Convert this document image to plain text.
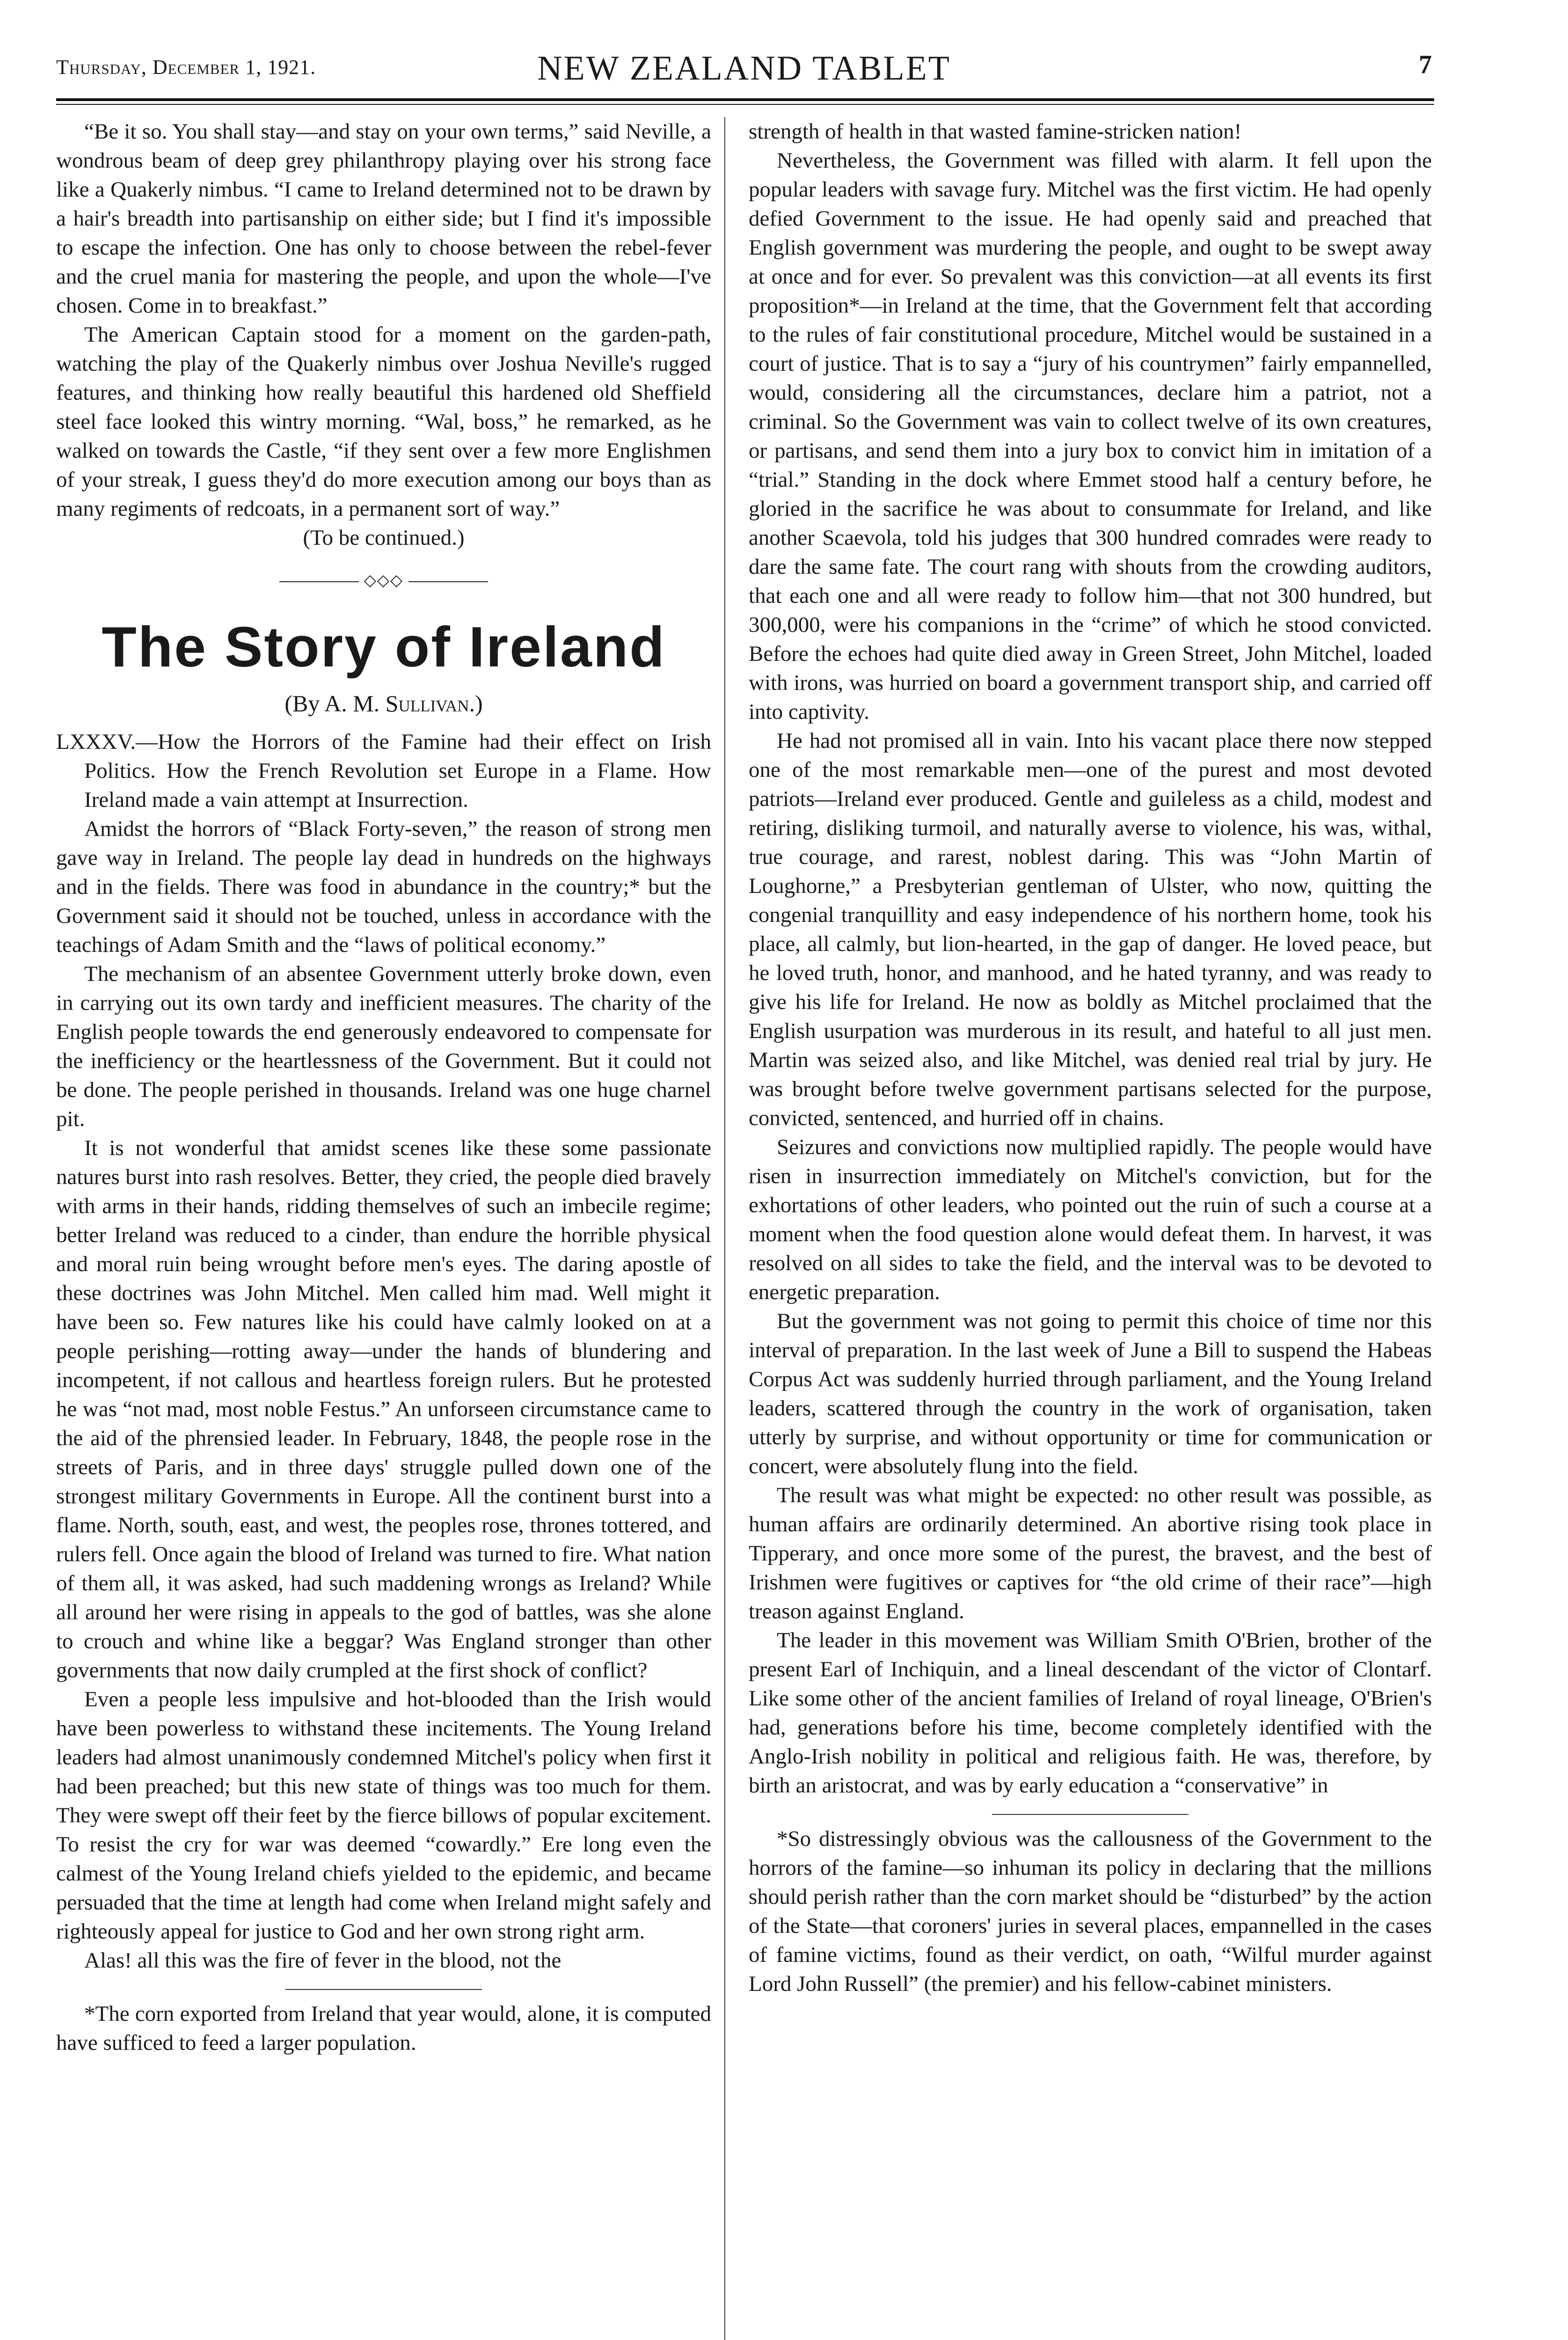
Thursday, December 1, 1921.	NEW ZEALAND TABLET	7

“Be it so. You shall stay—and stay on your own terms,” said Neville, a wondrous beam of deep grey philanthropy playing over his strong face like a Quakerly nimbus. “I came to Ireland determined not to be drawn by a hair's breadth into partisanship on either side; but I find it's impossible to escape the infection. One has only to choose between the rebel-fever and the cruel mania for mastering the people, and upon the whole—I've chosen. Come in to breakfast.”

The American Captain stood for a moment on the garden-path, watching the play of the Quakerly nimbus over Joshua Neville's rugged features, and thinking how really beautiful this hardened old Sheffield steel face looked this wintry morning. “Wal, boss,” he remarked, as he walked on towards the Castle, “if they sent over a few more Englishmen of your streak, I guess they'd do more execution among our boys than as many regiments of redcoats, in a permanent sort of way.”

(To be continued.)

◇◇◇
The Story of Ireland
(By A. M. Sullivan.)

LXXXV.—How the Horrors of the Famine had their effect on Irish Politics. How the French Revolution set Europe in a Flame. How Ireland made a vain attempt at Insurrection.

Amidst the horrors of “Black Forty-seven,” the reason of strong men gave way in Ireland. The people lay dead in hundreds on the highways and in the fields. There was food in abundance in the country;* but the Government said it should not be touched, unless in accordance with the teachings of Adam Smith and the “laws of political economy.”

The mechanism of an absentee Government utterly broke down, even in carrying out its own tardy and inefficient measures. The charity of the English people towards the end generously endeavored to compensate for the inefficiency or the heartlessness of the Government. But it could not be done. The people perished in thousands. Ireland was one huge charnel pit.

It is not wonderful that amidst scenes like these some passionate natures burst into rash resolves. Better, they cried, the people died bravely with arms in their hands, ridding themselves of such an imbecile regime; better Ireland was reduced to a cinder, than endure the horrible physical and moral ruin being wrought before men's eyes. The daring apostle of these doctrines was John Mitchel. Men called him mad. Well might it have been so. Few natures like his could have calmly looked on at a people perishing—rotting away—under the hands of blundering and incompetent, if not callous and heartless foreign rulers. But he protested he was “not mad, most noble Festus.” An unforseen circumstance came to the aid of the phrensied leader. In February, 1848, the people rose in the streets of Paris, and in three days' struggle pulled down one of the strongest military Governments in Europe. All the continent burst into a flame. North, south, east, and west, the peoples rose, thrones tottered, and rulers fell. Once again the blood of Ireland was turned to fire. What nation of them all, it was asked, had such maddening wrongs as Ireland? While all around her were rising in appeals to the god of battles, was she alone to crouch and whine like a beggar? Was England stronger than other governments that now daily crumpled at the first shock of conflict?

Even a people less impulsive and hot-blooded than the Irish would have been powerless to withstand these incitements. The Young Ireland leaders had almost unanimously condemned Mitchel's policy when first it had been preached; but this new state of things was too much for them. They were swept off their feet by the fierce billows of popular excitement. To resist the cry for war was deemed “cowardly.” Ere long even the calmest of the Young Ireland chiefs yielded to the epidemic, and became persuaded that the time at length had come when Ireland might safely and righteously appeal for justice to God and her own strong right arm.

Alas! all this was the fire of fever in the blood, not the

*The corn exported from Ireland that year would, alone, it is computed have sufficed to feed a larger population.

strength of health in that wasted famine-stricken nation!

Nevertheless, the Government was filled with alarm. It fell upon the popular leaders with savage fury. Mitchel was the first victim. He had openly defied Government to the issue. He had openly said and preached that English government was murdering the people, and ought to be swept away at once and for ever. So prevalent was this conviction—at all events its first proposition*—in Ireland at the time, that the Government felt that according to the rules of fair constitutional procedure, Mitchel would be sustained in a court of justice. That is to say a “jury of his countrymen” fairly empannelled, would, considering all the circumstances, declare him a patriot, not a criminal. So the Government was vain to collect twelve of its own creatures, or partisans, and send them into a jury box to convict him in imitation of a “trial.” Standing in the dock where Emmet stood half a century before, he gloried in the sacrifice he was about to consummate for Ireland, and like another Scaevola, told his judges that 300 hundred comrades were ready to dare the same fate. The court rang with shouts from the crowding auditors, that each one and all were ready to follow him—that not 300 hundred, but 300,000, were his companions in the “crime” of which he stood convicted. Before the echoes had quite died away in Green Street, John Mitchel, loaded with irons, was hurried on board a government transport ship, and carried off into captivity.

He had not promised all in vain. Into his vacant place there now stepped one of the most remarkable men—one of the purest and most devoted patriots—Ireland ever produced. Gentle and guileless as a child, modest and retiring, disliking turmoil, and naturally averse to violence, his was, withal, true courage, and rarest, noblest daring. This was “John Martin of Loughorne,” a Presbyterian gentleman of Ulster, who now, quitting the congenial tranquillity and easy independence of his northern home, took his place, all calmly, but lion-hearted, in the gap of danger. He loved peace, but he loved truth, honor, and manhood, and he hated tyranny, and was ready to give his life for Ireland. He now as boldly as Mitchel proclaimed that the English usurpation was murderous in its result, and hateful to all just men. Martin was seized also, and like Mitchel, was denied real trial by jury. He was brought before twelve government partisans selected for the purpose, convicted, sentenced, and hurried off in chains.

Seizures and convictions now multiplied rapidly. The people would have risen in insurrection immediately on Mitchel's conviction, but for the exhortations of other leaders, who pointed out the ruin of such a course at a moment when the food question alone would defeat them. In harvest, it was resolved on all sides to take the field, and the interval was to be devoted to energetic preparation.

But the government was not going to permit this choice of time nor this interval of preparation. In the last week of June a Bill to suspend the Habeas Corpus Act was suddenly hurried through parliament, and the Young Ireland leaders, scattered through the country in the work of organisation, taken utterly by surprise, and without opportunity or time for communication or concert, were absolutely flung into the field.

The result was what might be expected: no other result was possible, as human affairs are ordinarily determined. An abortive rising took place in Tipperary, and once more some of the purest, the bravest, and the best of Irishmen were fugitives or captives for “the old crime of their race”—high treason against England.

The leader in this movement was William Smith O'Brien, brother of the present Earl of Inchiquin, and a lineal descendant of the victor of Clontarf. Like some other of the ancient families of Ireland of royal lineage, O'Brien's had, generations before his time, become completely identified with the Anglo-Irish nobility in political and religious faith. He was, therefore, by birth an aristocrat, and was by early education a “conservative” in

*So distressingly obvious was the callousness of the Government to the horrors of the famine—so inhuman its policy in declaring that the millions should perish rather than the corn market should be “disturbed” by the action of the State—that coroners' juries in several places, empannelled in the cases of famine victims, found as their verdict, on oath, “Wilful murder against Lord John Russell” (the premier) and his fellow-cabinet ministers.
